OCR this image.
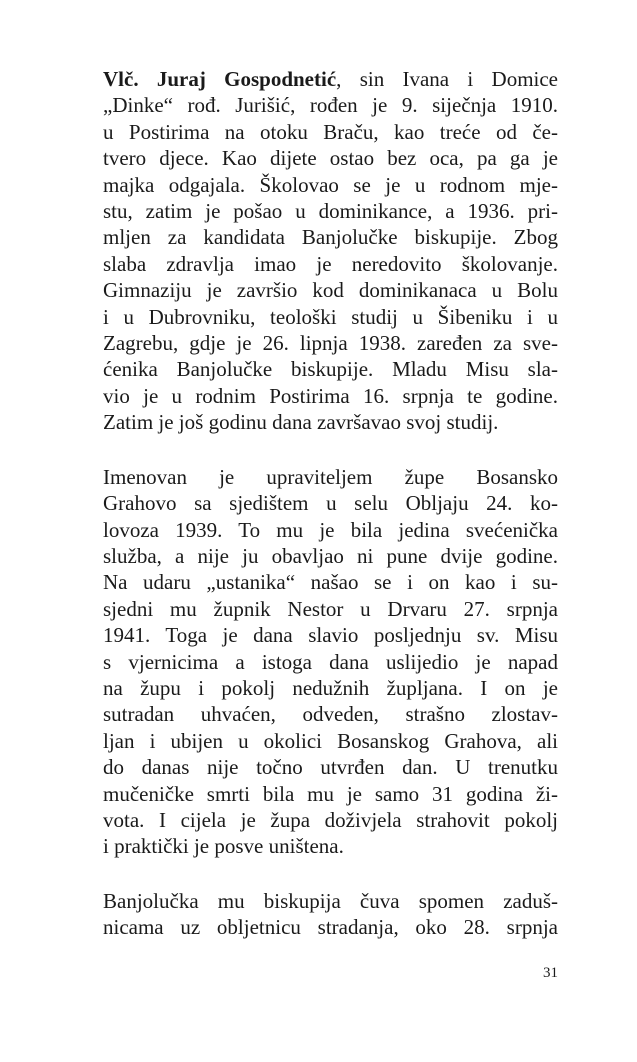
Vlč. Juraj Gospodnetić, sin Ivana i Domice
„Dinke“ rođ. Jurišić, rođen je 9. siječnja 1910.
u Postirima na otoku Braču, kao treće od če-
tvero djece. Kao dijete ostao bez oca, pa ga je
majka odgajala. Školovao se je u rodnom mje-
stu, zatim je pošao u dominikance, a 1936. pri-
mljen za kandidata Banjolučke biskupije. Zbog
slaba zdravlja imao je neredovito školovanje.
Gimnaziju je završio kod dominikanaca u Bolu
i u Dubrovniku, teološki studij u Šibeniku i u
Zagrebu, gdje je 26. lipnja 1938. zaređen za sve-
ćenika Banjolučke biskupije. Mladu Misu sla-
vio je u rodnim Postirima 16. srpnja te godine.
Zatim je još godinu dana završavao svoj studij.

Imenovan je upraviteljem župe Bosansko
Grahovo sa sjedištem u selu Obljaju 24. ko-
lovoza 1939. To mu je bila jedina svećenička
služba, a nije ju obavljao ni pune dvije godine.
Na udaru „ustanika“ našao se i on kao i su-
sjedni mu župnik Nestor u Drvaru 27. srpnja
1941. Toga je dana slavio posljednju sv. Misu
s vjernicima a istoga dana uslijedio je napad
na župu i pokolj nedužnih župljana. I on je
sutradan uhvaćen, odveden, strašno zlostav-
ljan i ubijen u okolici Bosanskog Grahova, ali
do danas nije točno utvrđen dan. U trenutku
mučeničke smrti bila mu je samo 31 godina ži-
vota. I cijela je župa doživjela strahovit pokolj
i praktički je posve uništena.

Banjolučka mu biskupija čuva spomen zaduš-
nicama uz obljetnicu stradanja, oko 28. srpnja

31
